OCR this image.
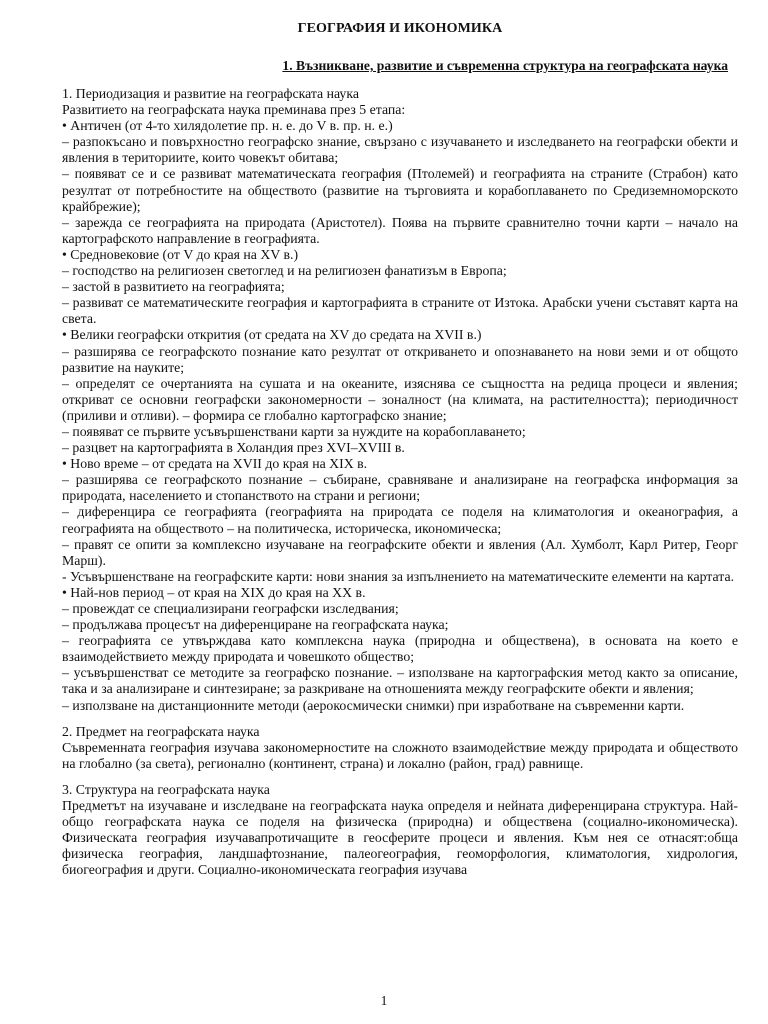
ГЕОГРАФИЯ И ИКОНОМИКА
1. Възникване, развитие и съвременна структура на географската наука
1. Периодизация и развитие на географската наука
Развитието на географската наука преминава през 5 етапа:
• Античен (от 4-то хилядолетие пр. н. е. до V в. пр. н. е.)
– разпокъсано и повърхностно географско знание, свързано с изучаването и изследването на географски обекти и явления в териториите, които човекът обитава;
– появяват се и се развиват математическата география (Птолемей) и географията на страните (Страбон) като резултат от потребностите на обществото (развитие на търговията и корабоплаването по Средиземноморското крайбрежие);
– зарежда се географията на природата (Аристотел). Поява на първите сравнително точни карти – начало на картографското направление в географията.
• Средновековие (от V до края на XV в.)
– господство на религиозен светоглед и на религиозен фанатизъм в Европа;
– застой в развитието на географията;
– развиват се математическите география и картографията в страните от Изтока. Арабски учени съставят карта на света.
• Велики географски открития (от средата на XV до средата на XVII в.)
– разширява се географското познание като резултат от откриването и опознаването на нови земи и от общото развитие на науките;
– определят се очертанията на сушата и на океаните, изяснява се същността на редица процеси и явления; откриват се основни географски закономерности – зоналност (на климата, на растителността); периодичност (приливи и отливи). – формира се глобално картографско знание;
– появяват се първите усъвършенствани карти за нуждите на корабоплаването;
– разцвет на картографията в Холандия през XVI–XVIII в.
• Ново време – от средата на XVII до края на XIX в.
– разширява се географското познание – събиране, сравняване и анализиране на географска информация за природата, населението и стопанството на страни и региони;
– диференцира се географията (географията на природата се поделя на климатология и океанография, а географията на обществото – на политическа, историческа, икономическа;
– правят се опити за комплексно изучаване на географските обекти и явления (Ал. Хумболт, Карл Ритер, Георг Марш).
- Усъвършенстване на географските карти: нови знания за изпълнението на математическите елементи на картата.
• Най-нов период – от края на XIX до края на XX в.
– провеждат се специализирани географски изследвания;
– продължава процесът на диференциране на географската наука;
– географията се утвърждава като комплексна наука (природна и обществена), в основата на което е взаимодействието между природата и човешкото общество;
– усъвършенстват се методите за географско познание. – използване на картографския метод както за описание, така и за анализиране и синтезиране; за разкриване на отношенията между географските обекти и явления;
– използване на дистанционните методи (аерокосмически снимки) при изработване на съвременни карти.
2. Предмет на географската наука
Съвременната география изучава закономерностите на сложното взаимодействие между природата и обществото на глобално (за света), регионално (континент, страна) и локално (район, град) равнище.
3. Структура на географската наука
Предметът на изучаване и изследване на географската наука определя и нейната диференцирана структура. Най-общо географската наука се поделя на физическа (природна) и обществена (социално-икономическа). Физическата география изучавапротичащите в геосферите процеси и явления. Към нея се отнасят:обща физическа география, ландшафтознание, палеогеография, геоморфология, климатология, хидрология, биогеография и други. Социално-икономическата география изучава
1
